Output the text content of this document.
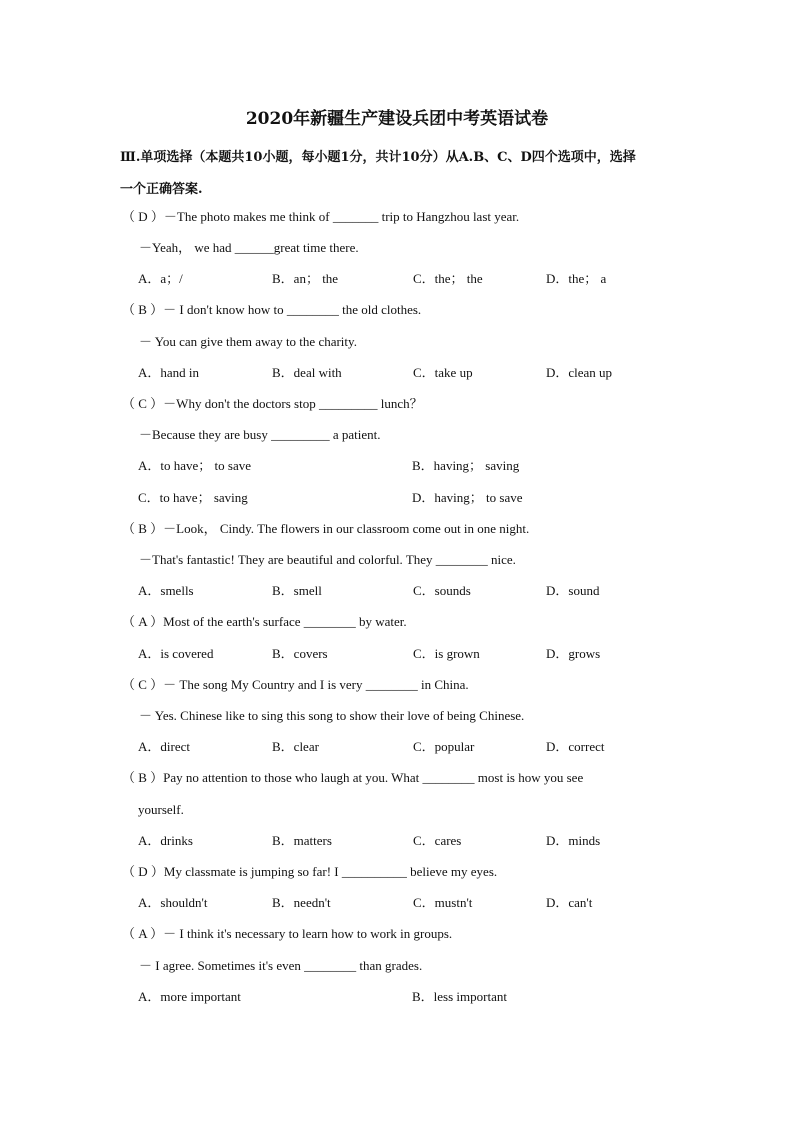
2020年新疆生产建设兵团中考英语试卷
Ⅲ.单项选择（本题共10小题，每小题1分，共计10分）从A.B、C、D四个选项中，选择
一个正确答案.
（ D ）－The photo makes me think of _______ trip to Hangzhou last year.
－Yeah， we had ______great time there.
A．a；/	B．an； the	C．the； the	D．the； a
（ B ）－ I don't know how to ________ the old clothes.
－ You can give them away to the charity.
A．hand in	B．deal with	C．take up	D．clean up
（ C ）－Why don't the doctors stop _________ lunch？
－Because they are busy _________ a patient.
A．to have； to save	B．having； saving
C．to have； saving	D．having； to save
（ B ）－Look， Cindy. The flowers in our classroom come out in one night.
－That's fantastic! They are beautiful and colorful. They ________ nice.
A．smells	B．smell	C．sounds	D．sound
（ A ）Most of the earth's surface ________ by water.
A．is covered	B．covers	C．is grown	D．grows
（ C ）－ The song My Country and I is very ________ in China.
－ Yes. Chinese like to sing this song to show their love of being Chinese.
A．direct	B．clear	C．popular	D．correct
（ B ）Pay no attention to those who laugh at you. What ________ most is how you see
yourself.
A．drinks	B．matters	C．cares	D．minds
（ D ）My classmate is jumping so far! I __________ believe my eyes.
A．shouldn't	B．needn't	C．mustn't	D．can't
（ A ）－ I think it's necessary to learn how to work in groups.
－ I agree. Sometimes it's even ________ than grades.
A．more important	B．less important
